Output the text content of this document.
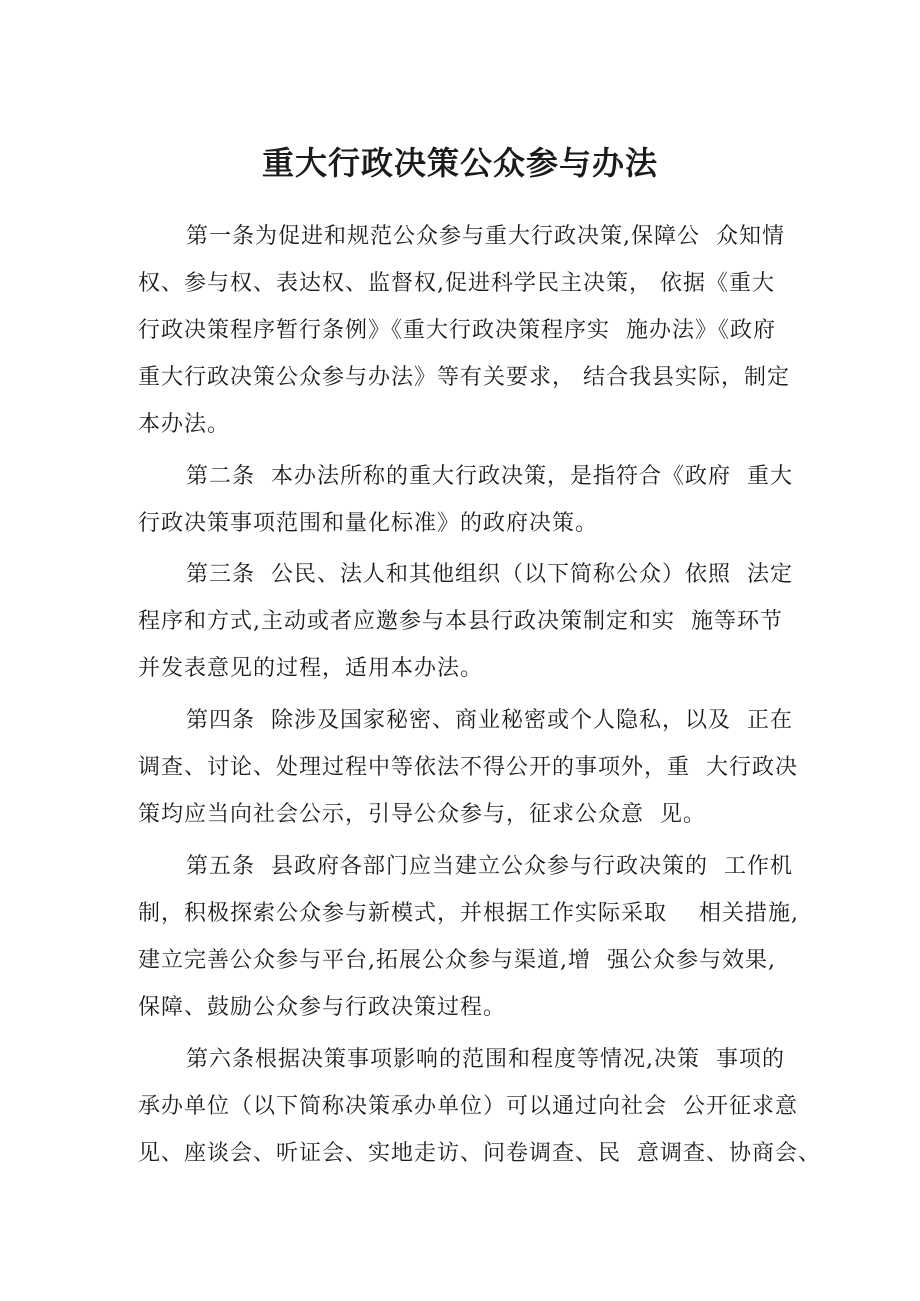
重大行政决策公众参与办法

第一条为促进和规范公众参与重大行政决策,保障公  众知情

权、参与权、表达权、监督权,促进科学民主决策， 依据《重大

行政决策程序暂行条例》《重大行政决策程序实  施办法》《政府

重大行政决策公众参与办法》等有关要求， 结合我县实际，制定

本办法。

第二条  本办法所称的重大行政决策，是指符合《政府  重大

行政决策事项范围和量化标准》的政府决策。

第三条  公民、法人和其他组织（以下简称公众）依照  法定

程序和方式,主动或者应邀参与本县行政决策制定和实  施等环节

并发表意见的过程，适用本办法。

第四条  除涉及国家秘密、商业秘密或个人隐私，以及  正在

调查、讨论、处理过程中等依法不得公开的事项外，重  大行政决

策均应当向社会公示，引导公众参与，征求公众意  见。

第五条  县政府各部门应当建立公众参与行政决策的  工作机

制，积极探索公众参与新模式，并根据工作实际采取    相关措施,

建立完善公众参与平台,拓展公众参与渠道,增  强公众参与效果,

保障、鼓励公众参与行政决策过程。

第六条根据决策事项影响的范围和程度等情况,决策  事项的

承办单位（以下简称决策承办单位）可以通过向社会  公开征求意

见、座谈会、听证会、实地走访、问卷调查、民  意调查、协商会、
